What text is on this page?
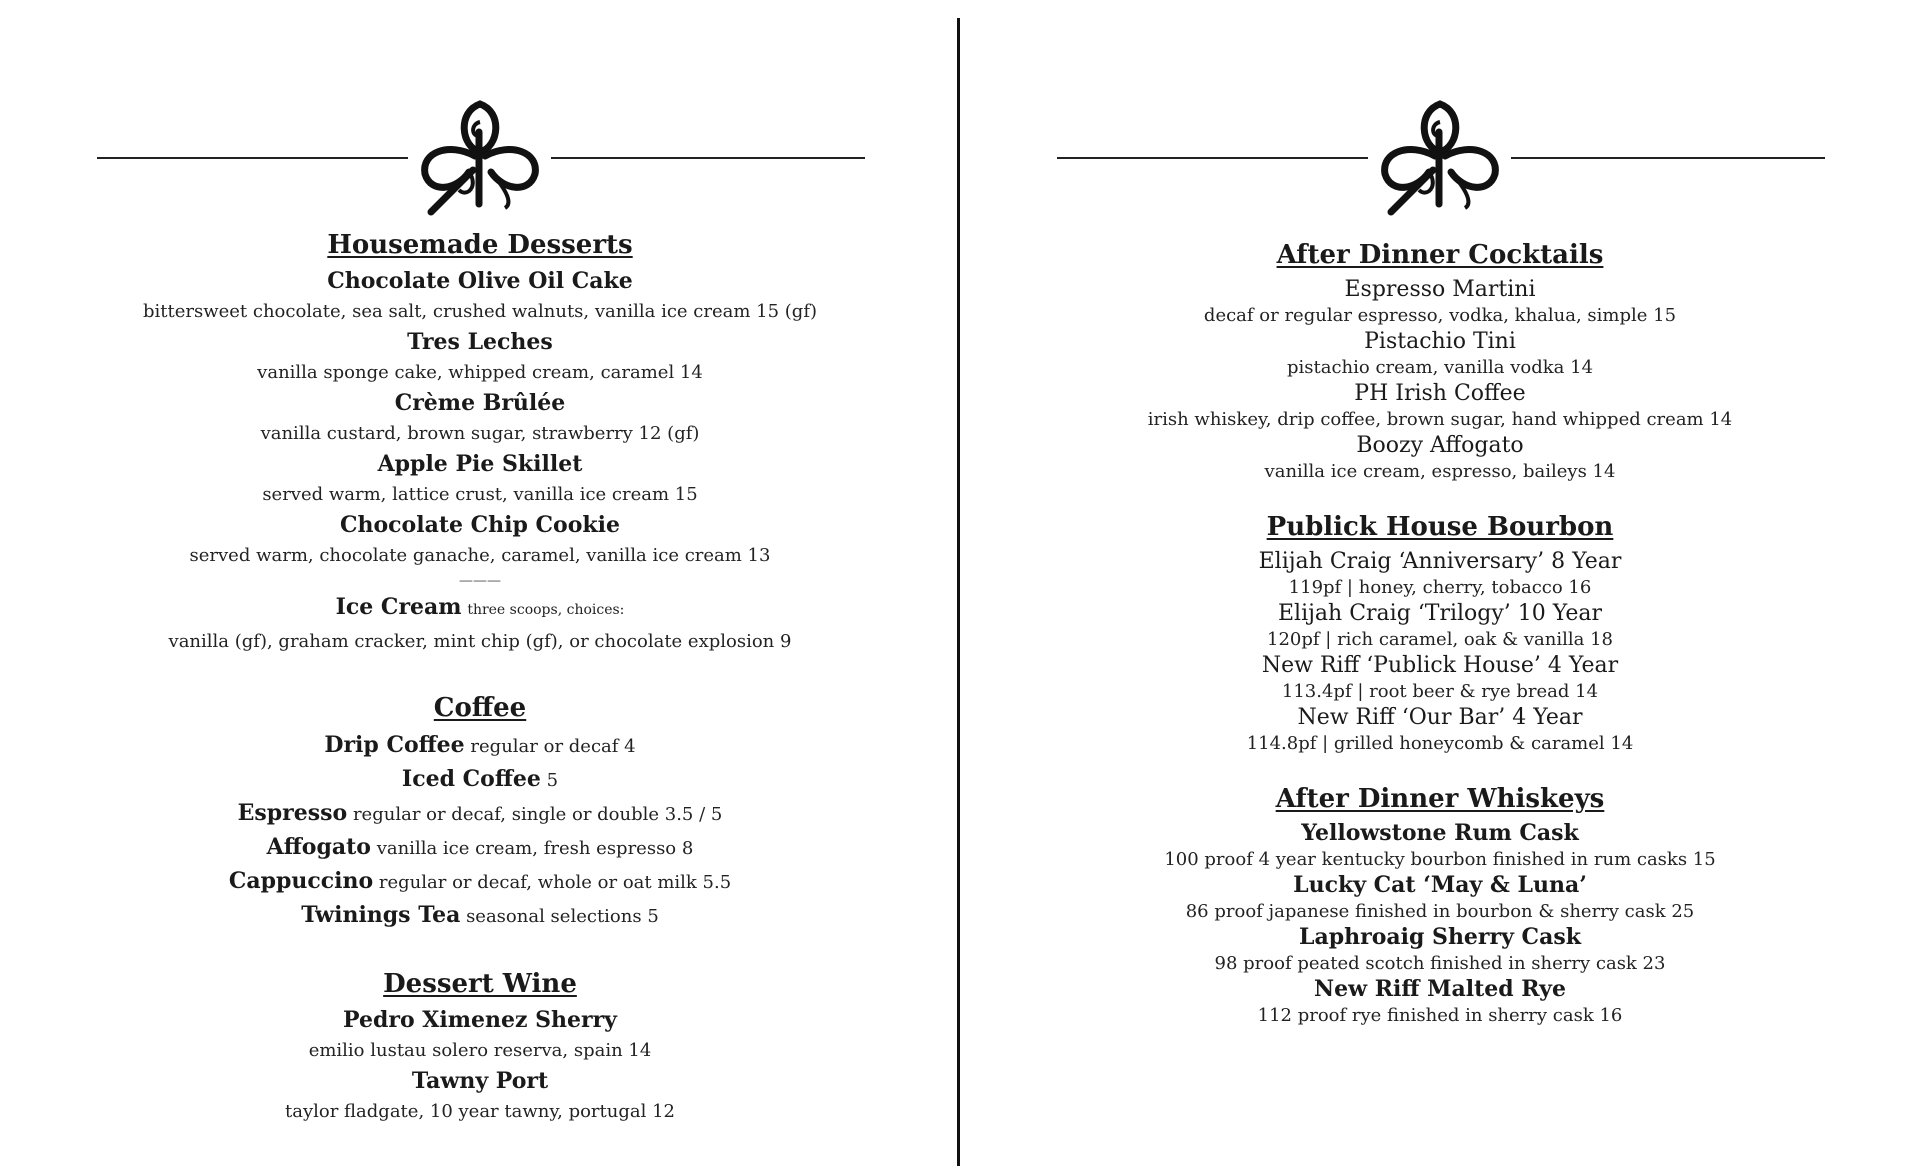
Housemade Desserts
Chocolate Olive Oil Cake
bittersweet chocolate, sea salt, crushed walnuts, vanilla ice cream 15 (gf)
Tres Leches
vanilla sponge cake, whipped cream, caramel 14
Crème Brûlée
vanilla custard, brown sugar, strawberry 12 (gf)
Apple Pie Skillet
served warm, lattice crust, vanilla ice cream 15
Chocolate Chip Cookie
served warm, chocolate ganache, caramel, vanilla ice cream 13
———
Ice Cream three scoops, choices:
vanilla (gf), graham cracker, mint chip (gf), or chocolate explosion 9
Coffee
Drip Coffee regular or decaf 4
Iced Coffee 5
Espresso regular or decaf, single or double 3.5 / 5
Affogato vanilla ice cream, fresh espresso 8
Cappuccino regular or decaf, whole or oat milk 5.5
Twinings Tea seasonal selections 5
Dessert Wine
Pedro Ximenez Sherry
emilio lustau solero reserva, spain 14
Tawny Port
taylor fladgate, 10 year tawny, portugal 12
After Dinner Cocktails
Espresso Martini
decaf or regular espresso, vodka, khalua, simple 15
Pistachio Tini
pistachio cream, vanilla vodka 14
PH Irish Coffee
irish whiskey, drip coffee, brown sugar, hand whipped cream 14
Boozy Affogato
vanilla ice cream, espresso, baileys 14
Publick House Bourbon
Elijah Craig ‘Anniversary’ 8 Year
119pf | honey, cherry, tobacco 16
Elijah Craig ‘Trilogy’ 10 Year
120pf | rich caramel, oak & vanilla 18
New Riff ‘Publick House’ 4 Year
113.4pf | root beer & rye bread 14
New Riff ‘Our Bar’ 4 Year
114.8pf | grilled honeycomb & caramel 14
After Dinner Whiskeys
Yellowstone Rum Cask
100 proof 4 year kentucky bourbon finished in rum casks 15
Lucky Cat ‘May & Luna’
86 proof japanese finished in bourbon & sherry cask 25
Laphroaig Sherry Cask
98 proof peated scotch finished in sherry cask 23
New Riff Malted Rye
112 proof rye finished in sherry cask 16
